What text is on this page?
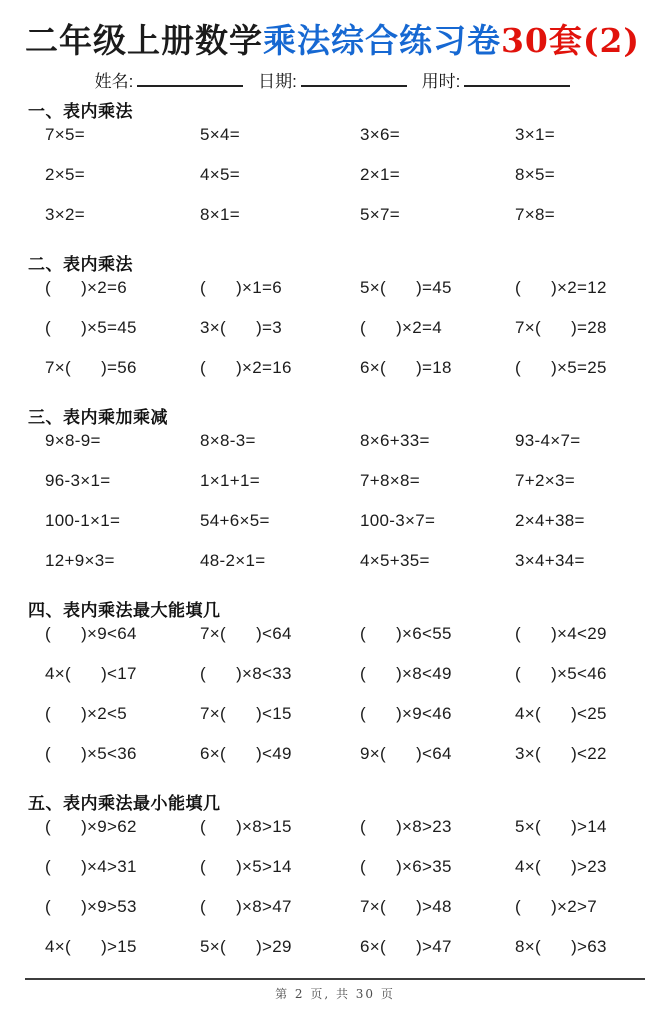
二年级上册数学乘法综合练习卷30套(2)
姓名:	日期:	用时:
一、表内乘法
7×5=	5×4=	3×6=	3×1=
2×5=	4×5=	2×1=	8×5=
3×2=	8×1=	5×7=	7×8=
二、表内乘法
(      )×2=6	(      )×1=6	5×(      )=45	(      )×2=12
(      )×5=45	3×(      )=3	(      )×2=4	7×(      )=28
7×(      )=56	(      )×2=16	6×(      )=18	(      )×5=25
三、表内乘加乘减
9×8-9=	8×8-3=	8×6+33=	93-4×7=
96-3×1=	1×1+1=	7+8×8=	7+2×3=
100-1×1=	54+6×5=	100-3×7=	2×4+38=
12+9×3=	48-2×1=	4×5+35=	3×4+34=
四、表内乘法最大能填几
(      )×9<64	7×(      )<64	(      )×6<55	(      )×4<29
4×(      )<17	(      )×8<33	(      )×8<49	(      )×5<46
(      )×2<5	7×(      )<15	(      )×9<46	4×(      )<25
(      )×5<36	6×(      )<49	9×(      )<64	3×(      )<22
五、表内乘法最小能填几
(      )×9>62	(      )×8>15	(      )×8>23	5×(      )>14
(      )×4>31	(      )×5>14	(      )×6>35	4×(      )>23
(      )×9>53	(      )×8>47	7×(      )>48	(      )×2>7
4×(      )>15	5×(      )>29	6×(      )>47	8×(      )>63
第 2 页, 共 30 页
